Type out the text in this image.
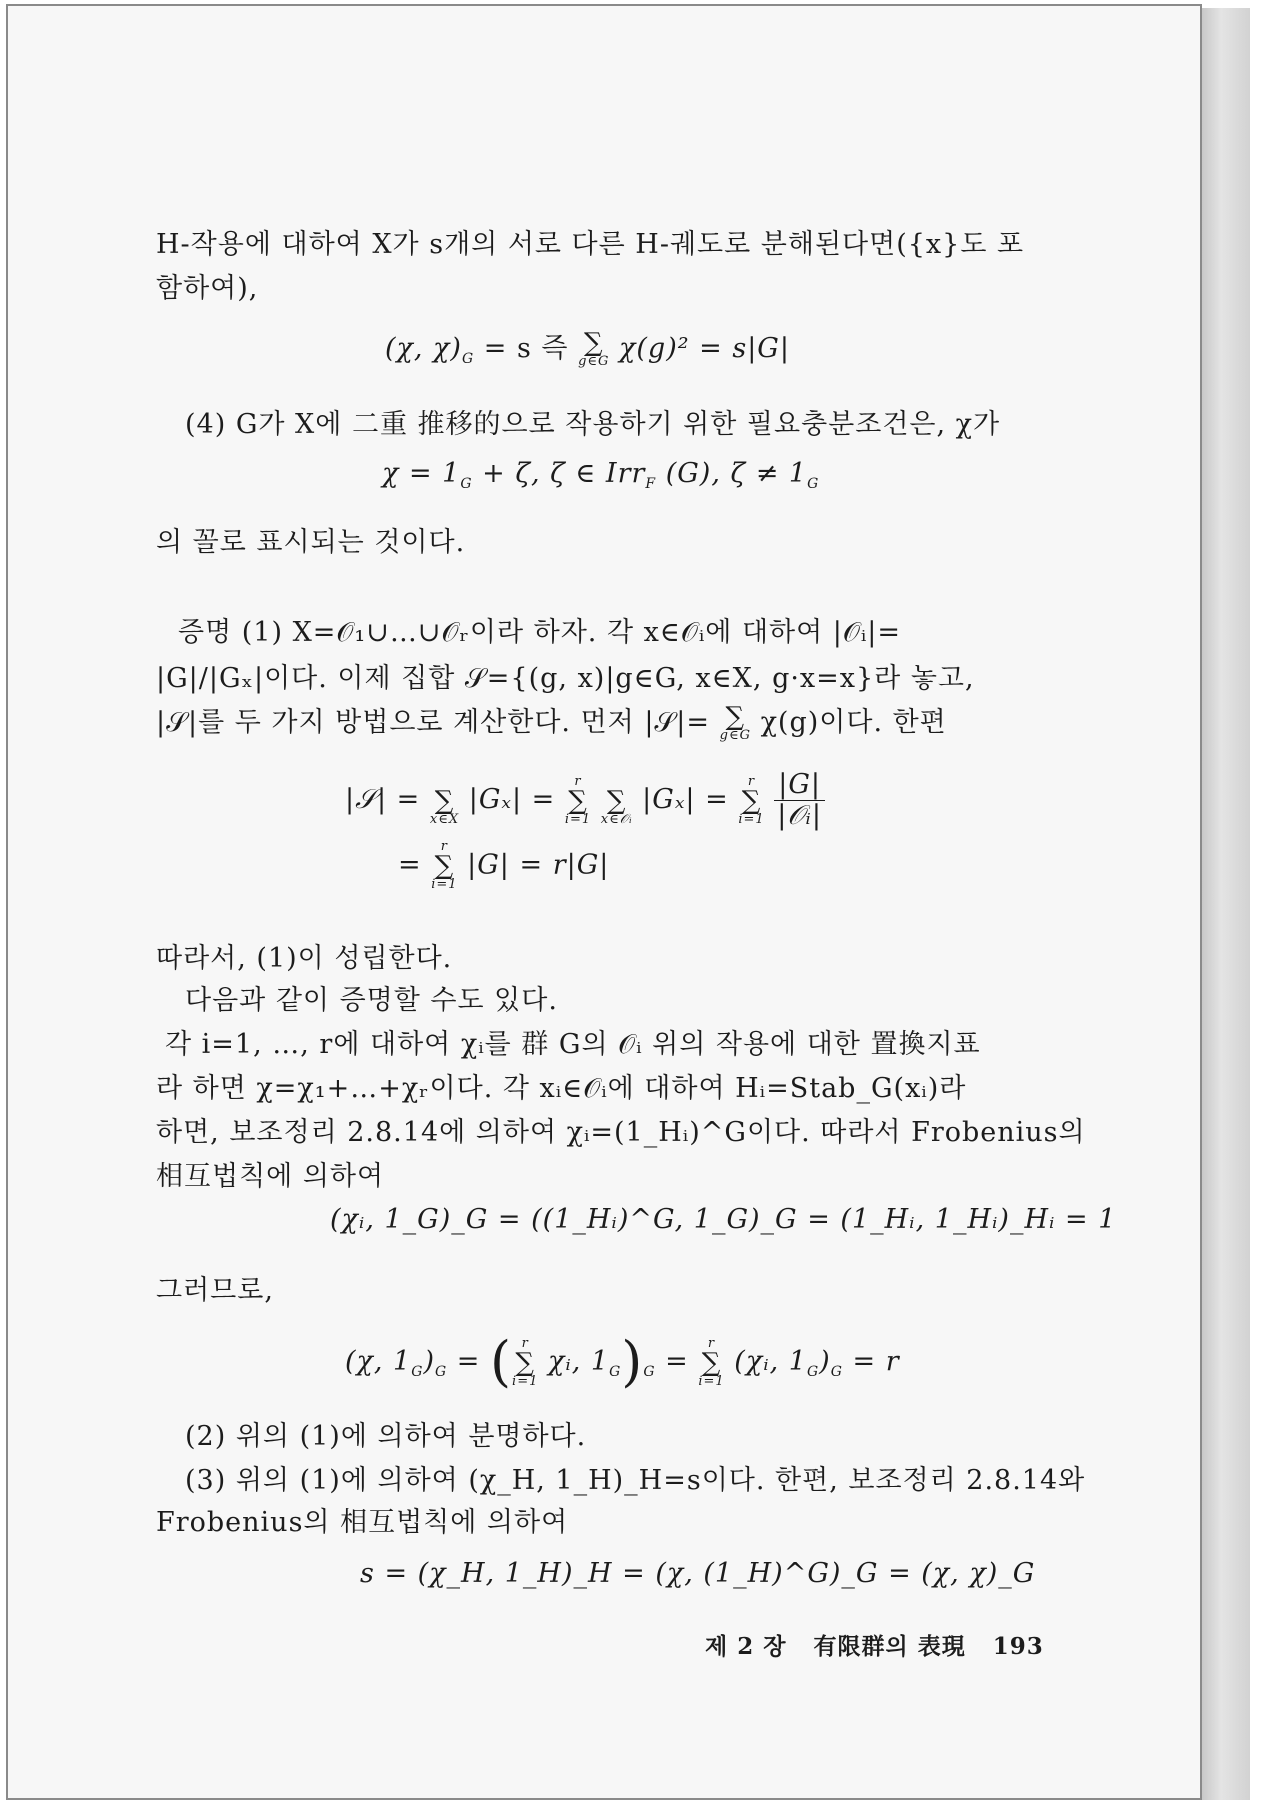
H-작용에 대하여 X가 s개의 서로 다른 H-궤도로 분해된다면({x}도 포
함하여),
(χ, $\chi)_G = s$ 즉 ∑
g∈G χ(g)² = s|G|
(4) G가 X에 二重 推移的으로 작용하기 위한 필요충분조건은, χ가
$\chi = 1_G + \zeta$, ζ ∈ Irr$_F$ (G), $\zeta \ne 1_G$
의 꼴로 표시되는 것이다.
증명 (1) X=𝒪₁∪…∪𝒪ᵣ이라 하자. 각 x∈𝒪ᵢ에 대하여 |𝒪ᵢ|=
|G|/|Gₓ|이다. 이제 집합 𝒮={(g, x)|g∈G, x∈X, g·x=x}라 놓고,
|𝒮|를 두 가지 방법으로 계산한다. 먼저 |𝒮|= ∑
g∈G χ(g)이다. 한편
|𝒮| =
∑
x∈X
|Gₓ| =
r
∑
i=1

∑
x∈𝒪ᵢ
|Gₓ| =
r
∑
i=1
$\frac{|G|}{\text{|𝒪ᵢ|}}$
=
r
∑
i=1
|G| = r|G|
따라서, (1)이 성립한다.
다음과 같이 증명할 수도 있다.
각 i=1, …, r에 대하여 χᵢ를 群 G의 𝒪ᵢ 위의 작용에 대한 置換지표
라 하면 χ=χ₁+…+χᵣ이다. 각 xᵢ∈𝒪ᵢ에 대하여 Hᵢ=Stab_G(xᵢ)라
하면, 보조정리 2.8.14에 의하여 χᵢ=(1_Hᵢ)^G이다. 따라서 Frobenius의
相互법칙에 의하여
(χᵢ, 1_G)_G = ((1_Hᵢ)^G, 1_G)_G = (1_Hᵢ, 1_Hᵢ)_Hᵢ = 1
그러므로,
(χ, $1_G)_G$ = ( r
∑
i=1
χᵢ, $1_G)_G$ =
r
∑
i=1
(χᵢ, $1_G)_G = r$
(2) 위의 (1)에 의하여 분명하다.
(3) 위의 (1)에 의하여 (χ_H, 1_H)_H=s이다. 한편, 보조정리 2.8.14와
Frobenius의 相互법칙에 의하여
s = (χ_H, 1_H)_H = (χ, (1_H)^G)_G = (χ, χ)_G
제 2 장 有限群의 表現 193
